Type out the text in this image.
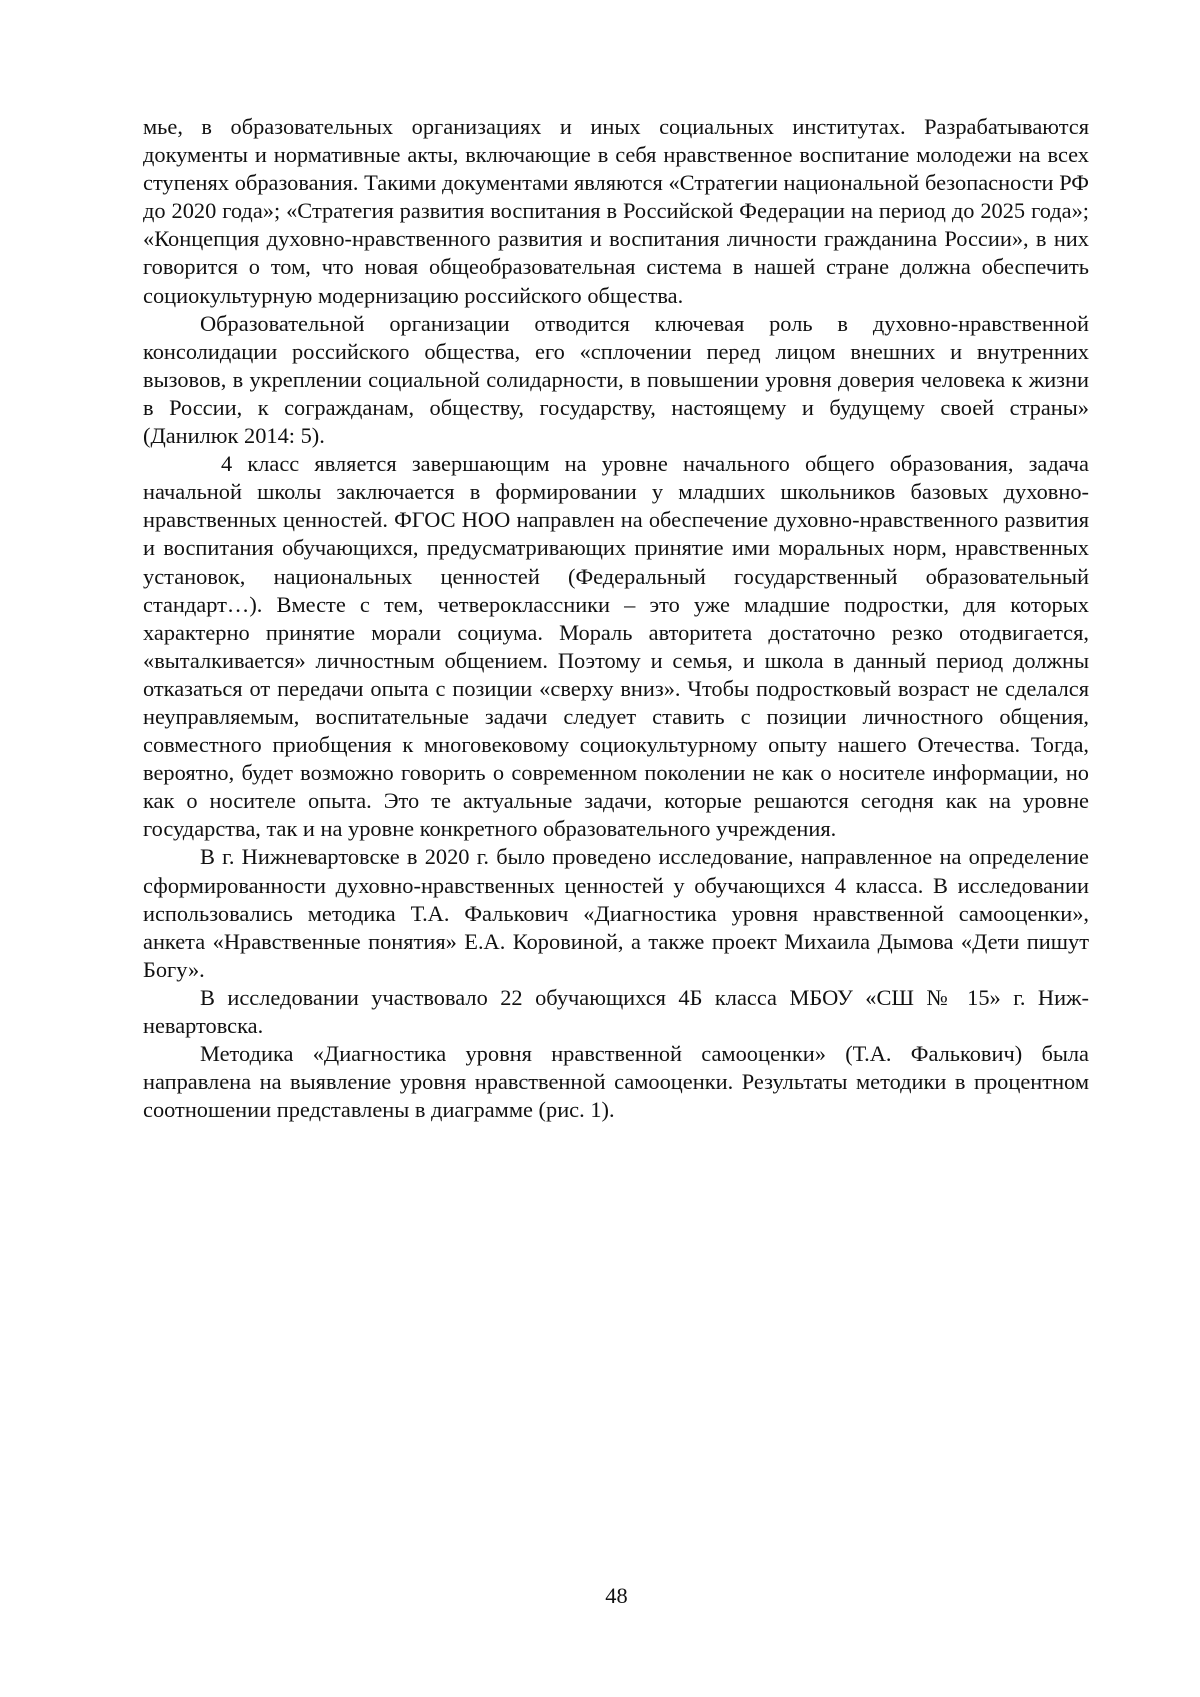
мье, в образовательных организациях и иных социальных институтах. Разрабатываются документы и нормативные акты, включающие в себя нравственное воспитание молодежи на всех ступенях образования. Такими документами являются «Стратегии национальной безопасности РФ до 2020 года»; «Стратегия развития воспитания в Российской Федерации на период до 2025 года»; «Концепция духовно-нравственного развития и воспитания личности гражданина России», в них говорится о том, что новая общеобразовательная система в нашей стране должна обеспечить социокультурную модернизацию российского общества.

Образовательной организации отводится ключевая роль в духовно-нравственной консолидации российского общества, его «сплочении перед лицом внешних и внутренних вызовов, в укреплении социальной солидарности, в повышении уровня доверия человека к жизни в России, к согражданам, обществу, государству, настоящему и будущему своей страны» (Данилюк 2014: 5).

4 класс является завершающим на уровне начального общего образования, задача начальной школы заключается в формировании у младших школьников базовых духовно-нравственных ценностей. ФГОС НОО направлен на обеспечение духовно-нравственного развития и воспитания обучающихся, предусматривающих принятие ими моральных норм, нравственных установок, национальных ценностей (Федеральный государственный образовательный стандарт…). Вместе с тем, четвероклассники – это уже младшие подростки, для которых характерно принятие морали социума. Мораль авторитета достаточно резко отодвигается, «выталкивается» личностным общением. Поэтому и семья, и школа в данный период должны отказаться от передачи опыта с позиции «сверху вниз». Чтобы подростковый возраст не сделался неуправляемым, воспитательные задачи следует ставить с позиции личностного общения, совместного приобщения к многовековому социокультурному опыту нашего Отечества. Тогда, вероятно, будет возможно говорить о современном поколении не как о носителе информации, но как о носителе опыта. Это те актуальные задачи, которые решаются сегодня как на уровне государства, так и на уровне конкретного образовательного учреждения.

В г. Нижневартовске в 2020 г. было проведено исследование, направленное на определение сформированности духовно-нравственных ценностей у обучающихся 4 класса. В исследовании использовались методика Т.А. Фалькович «Диагностика уровня нравственной самооценки», анкета «Нравственные понятия» Е.А. Коровиной, а также проект Михаила Дымова «Дети пишут Богу».

В исследовании участвовало 22 обучающихся 4Б класса МБОУ «СШ № 15» г. Нижневартовска.

Методика «Диагностика уровня нравственной самооценки» (Т.А. Фалькович) была направлена на выявление уровня нравственной самооценки. Результаты методики в процентном соотношении представлены в диаграмме (рис. 1).

48
